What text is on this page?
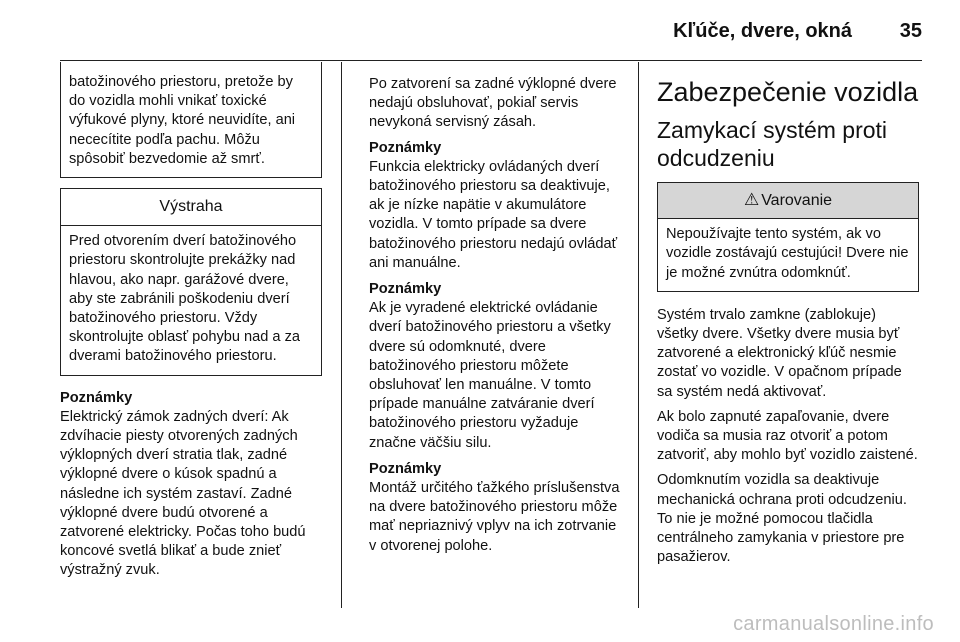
Kľúče, dvere, okná 35
batožinového priestoru, pretože by do vozidla mohli vnikať toxické výfukové plyny, ktoré neuvidíte, ani nececítite podľa pachu. Môžu spôsobiť bezvedomie až smrť.
Výstraha
Pred otvorením dverí batožinového priestoru skontrolujte prekážky nad hlavou, ako napr. garážové dvere, aby ste zabránili poškodeniu dverí batožinového priestoru. Vždy skontrolujte oblasť pohybu nad a za dverami batožinového priestoru.
Poznámky
Elektrický zámok zadných dverí: Ak zdvíhacie piesty otvorených zadných výklopných dverí stratia tlak, zadné výklopné dvere o kúsok spadnú a následne ich systém zastaví. Zadné výklopné dvere budú otvorené a zatvorené elektricky. Počas toho budú koncové svetlá blikať a bude znieť výstražný zvuk.

Po zatvorení sa zadné výklopné dvere nedajú obsluhovať, pokiaľ servis nevykoná servisný zásah.

Poznámky
Funkcia elektricky ovládaných dverí batožinového priestoru sa deaktivuje, ak je nízke napätie v akumulátore vozidla. V tomto prípade sa dvere batožinového priestoru nedajú ovládať ani manuálne.
Poznámky
Ak je vyradené elektrické ovládanie dverí batožinového priestoru a všetky dvere sú odomknuté, dvere batožinového priestoru môžete obsluhovať len manuálne. V tomto prípade manuálne zatváranie dverí batožinového priestoru vyžaduje značne väčšiu silu.
Poznámky
Montáž určitého ťažkého príslušenstva na dvere batožinového priestoru môže mať nepriaznivý vplyv na ich zotrvanie v otvorenej polohe.
Zabezpečenie vozidla
Zamykací systém proti odcudzeniu
⚠ Varovanie
Nepoužívajte tento systém, ak vo vozidle zostávajú cestujúci! Dvere nie je možné zvnútra odomknúť.

Systém trvalo zamkne (zablokuje) všetky dvere. Všetky dvere musia byť zatvorené a elektronický kľúč nesmie zostať vo vozidle. V opačnom prípade sa systém nedá aktivovať.

Ak bolo zapnuté zapaľovanie, dvere vodiča sa musia raz otvoriť a potom zatvoriť, aby mohlo byť vozidlo zaistené.

Odomknutím vozidla sa deaktivuje mechanická ochrana proti odcudzeniu. To nie je možné pomocou tlačidla centrálneho zamykania v priestore pre pasažierov.

carmanualsonline.info
